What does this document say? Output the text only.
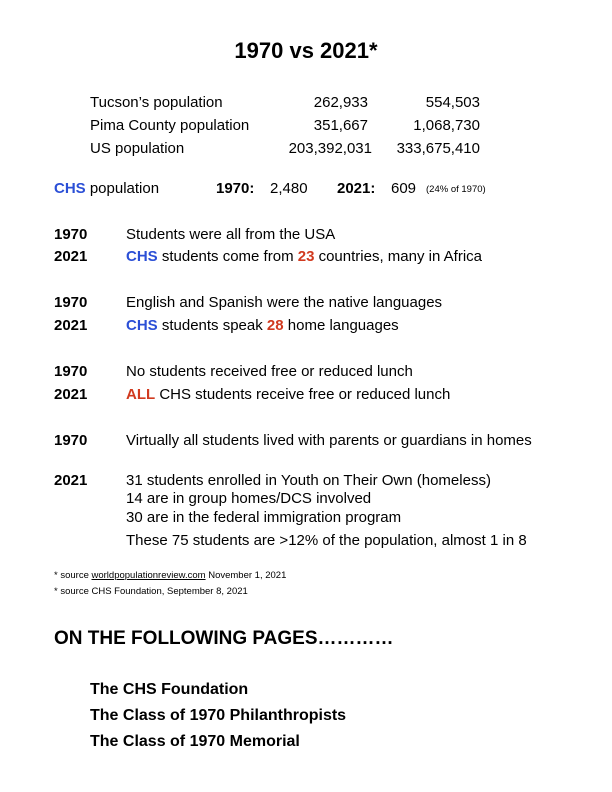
1970 vs 2021*
Tucson’s population	262,933	554,503
Pima County population	351,667	1,068,730
US population	203,392,031	333,675,410
CHS population	1970: 2,480 2021: 609 (24% of 1970)
1970	Students were all from the USA
2021	CHS students come from 23 countries, many in Africa
1970	English and Spanish were the native languages
2021	CHS students speak 28 home languages
1970	No students received free or reduced lunch
2021	ALL CHS students receive free or reduced lunch
1970	Virtually all students lived with parents or guardians in homes
2021	31 students enrolled in Youth on Their Own (homeless)
14 are in group homes/DCS involved
30 are in the federal immigration program
These 75 students are >12% of the population, almost 1 in 8
* source worldpopulationreview.com November 1, 2021
* source CHS Foundation, September 8, 2021
ON THE FOLLOWING PAGES…………
The CHS Foundation
The Class of 1970 Philanthropists
The Class of 1970 Memorial
